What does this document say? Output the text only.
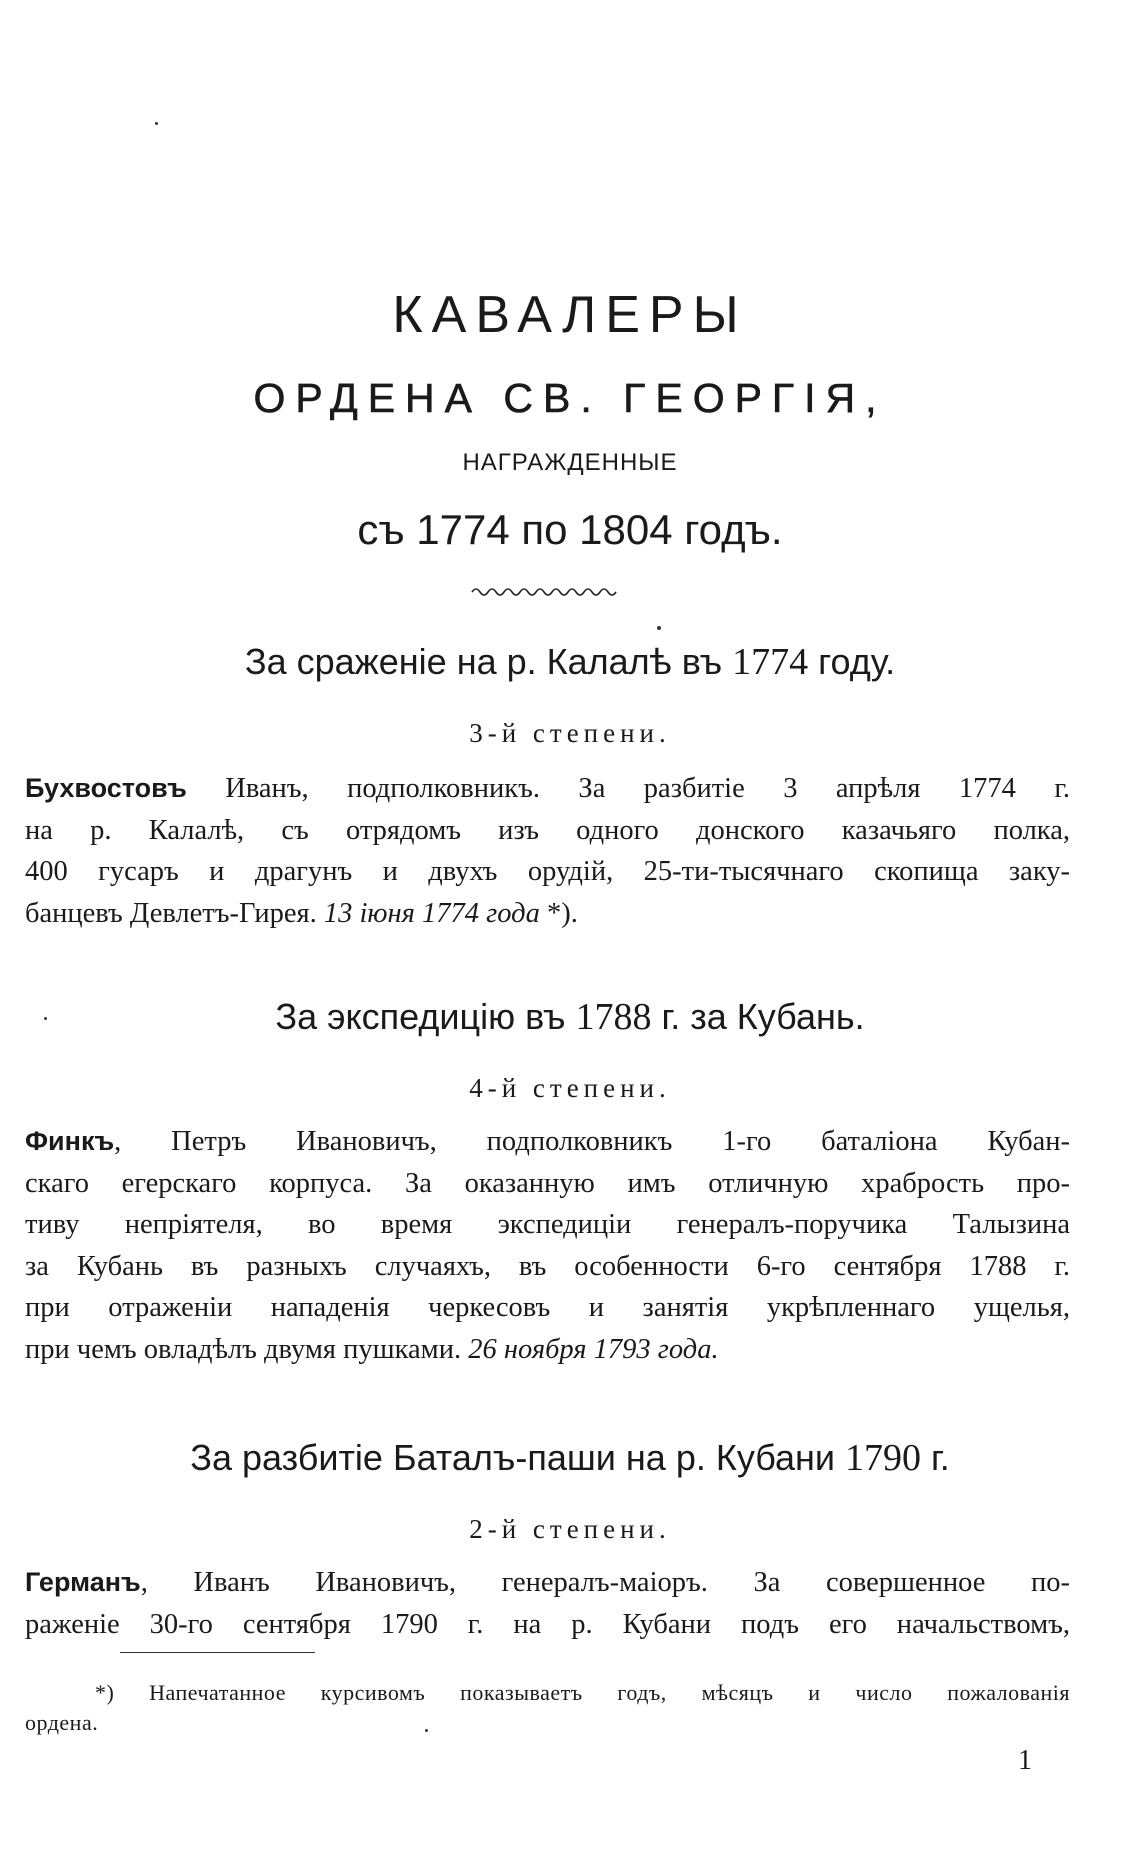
КАВАЛЕРЫ
ОРДЕНА СВ. ГЕОРГІЯ,
НАГРАЖДЕННЫЕ
съ 1774 по 1804 годъ.
За сраженіе на р. Калалѣ въ 1774 году.
3-й степени.
Бухвостовъ Иванъ, подполковникъ. За разбитіе 3 апрѣля 1774 г.
на р. Калалѣ, съ отрядомъ изъ одного донского казачьяго полка,
400 гусаръ и драгунъ и двухъ орудій, 25-ти-тысячнаго скопища заку-
банцевъ Девлетъ-Гирея. 13 іюня 1774 года *).
За экспедицію въ 1788 г. за Кубань.
4-й степени.
Финкъ, Петръ Ивановичъ, подполковникъ 1-го баталіона Кубан-
скаго егерскаго корпуса. За оказанную имъ отличную храбрость про-
тиву непріятеля, во время экспедиціи генералъ-поручика Талызина
за Кубань въ разныхъ случаяхъ, въ особенности 6-го сентября 1788 г.
при отраженіи нападенія черкесовъ и занятія укрѣпленнаго ущелья,
при чемъ овладѣлъ двумя пушками. 26 ноября 1793 года.
За разбитіе Баталъ-паши на р. Кубани 1790 г.
2-й степени.
Германъ, Иванъ Ивановичъ, генералъ-маіоръ. За совершенное по-
раженіе 30-го сентября 1790 г. на р. Кубани подъ его начальствомъ,
*) Напечатанное курсивомъ показываетъ годъ, мѣсяцъ и число пожалованія
ордена.
1
